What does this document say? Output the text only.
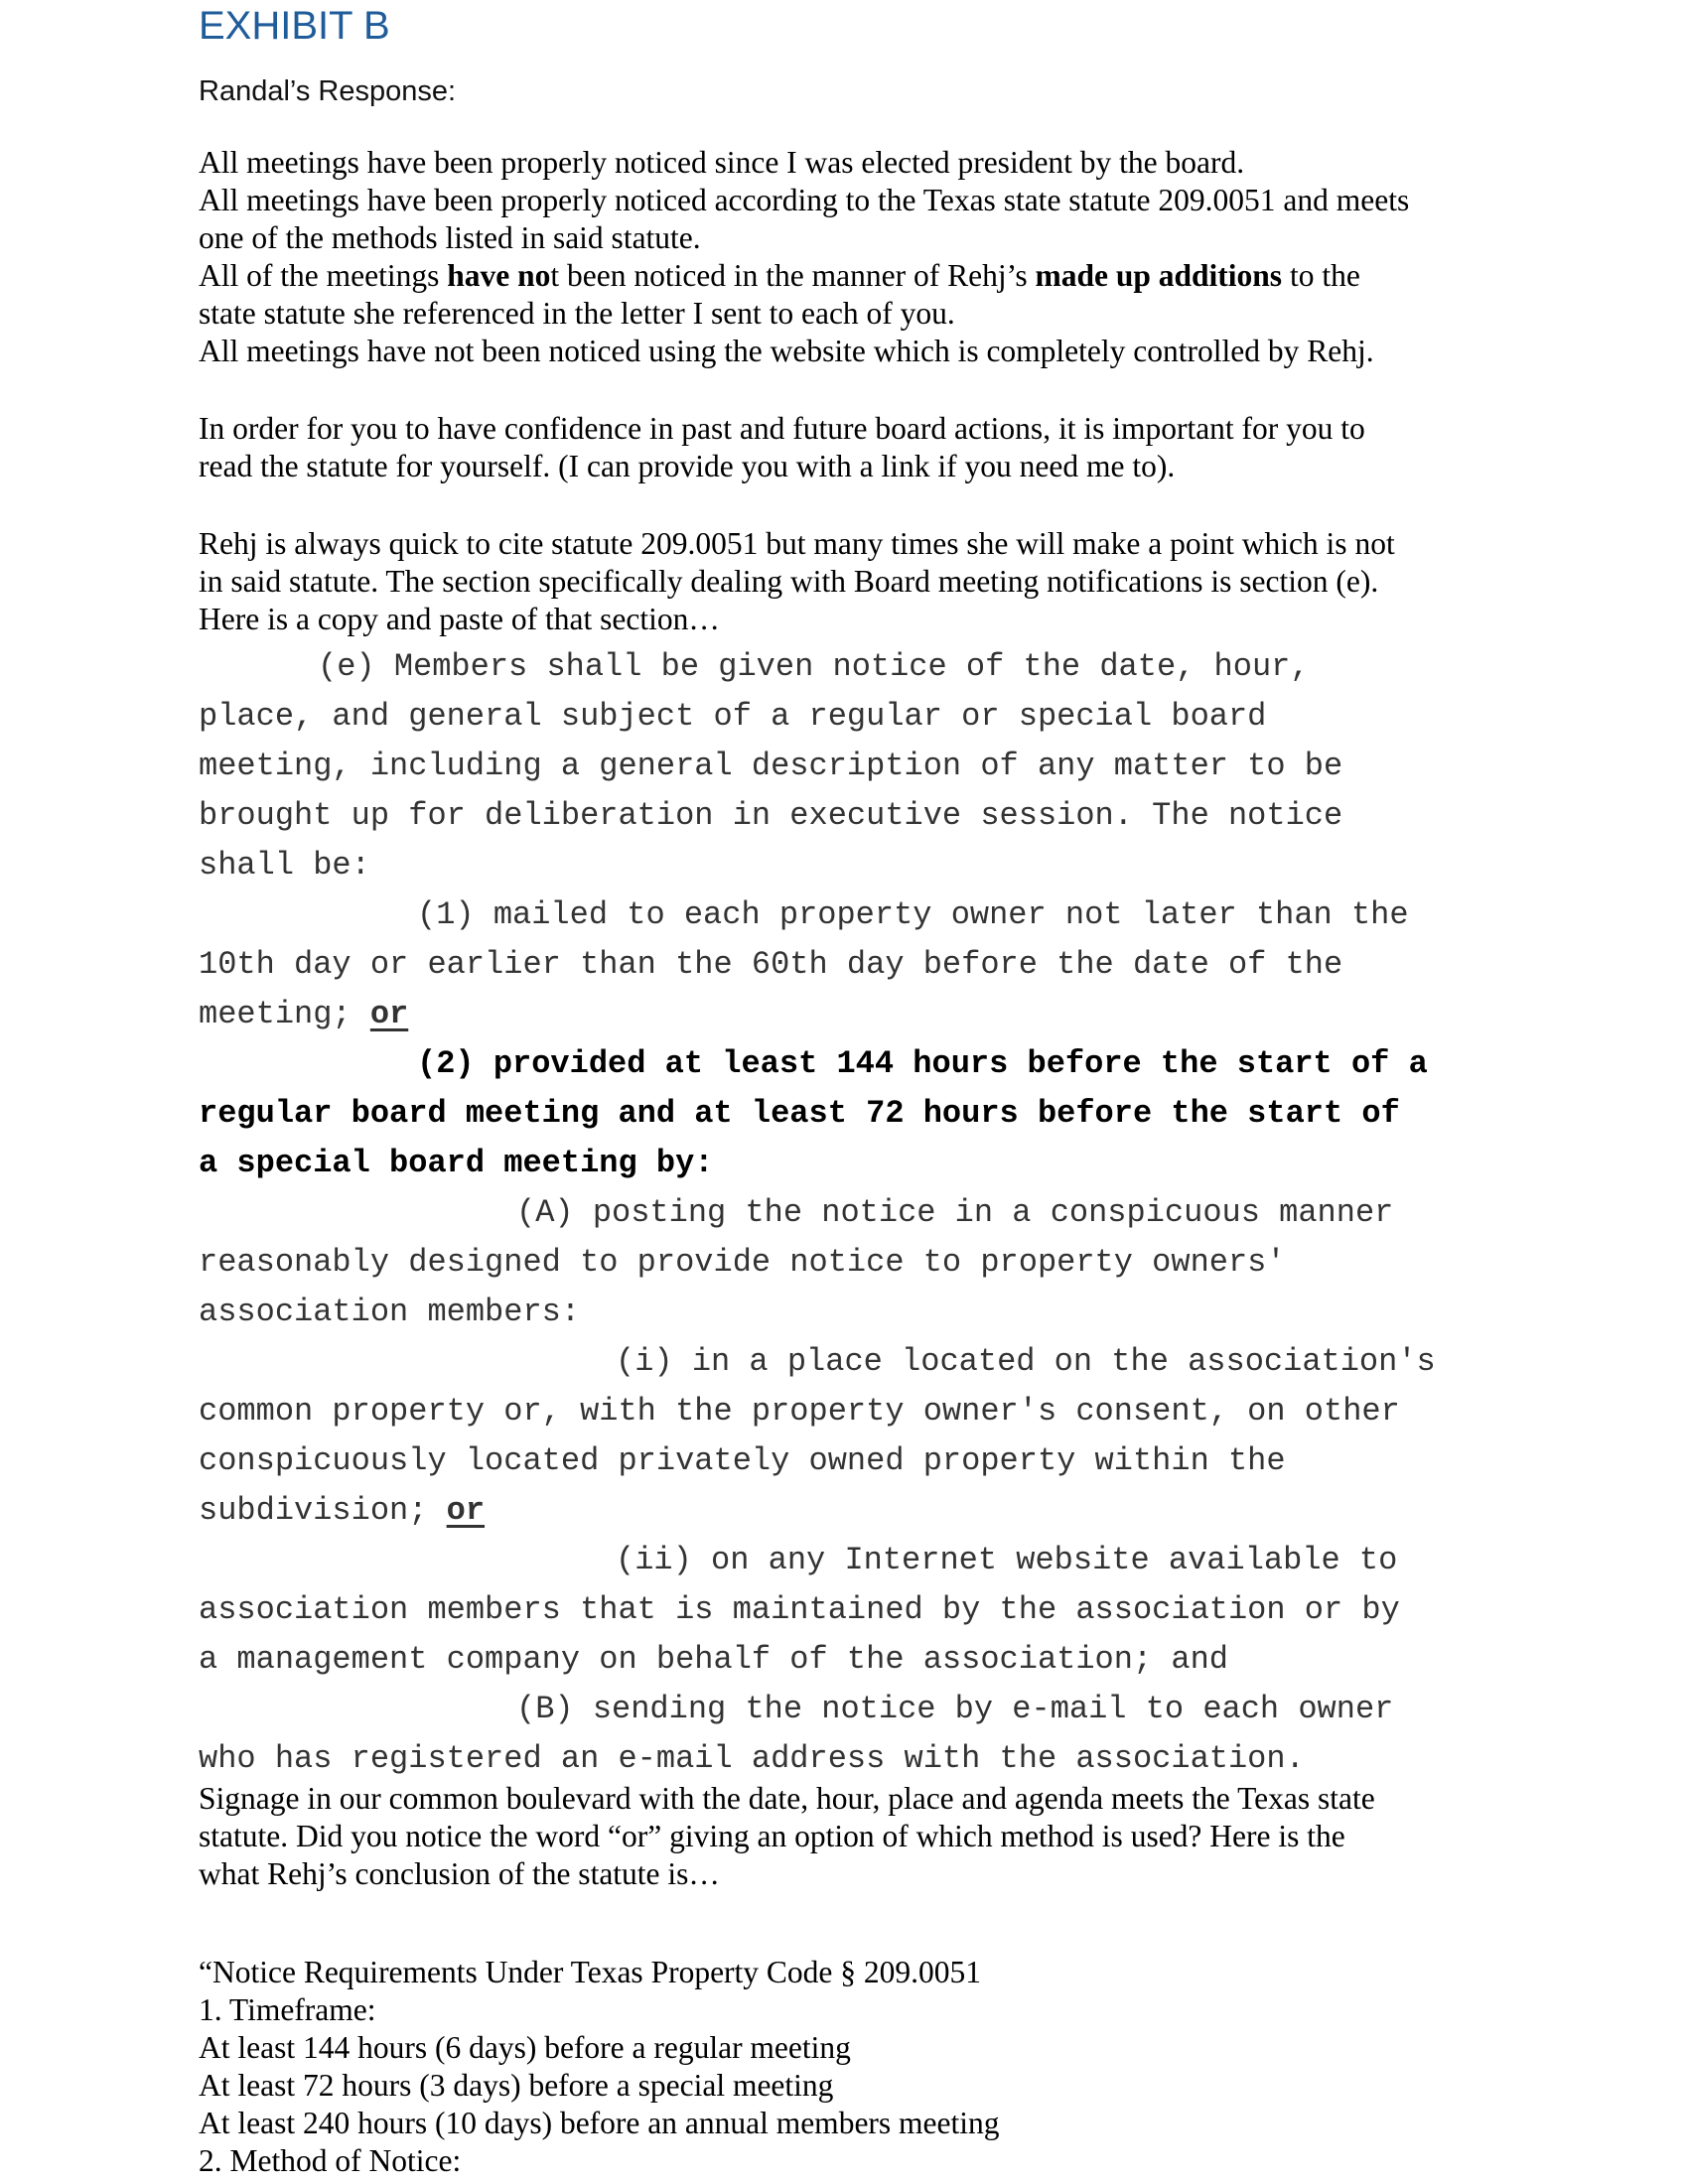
EXHIBIT B
Randal’s Response:
All meetings have been properly noticed since I was elected president by the board.
All meetings have been properly noticed according to the Texas state statute 209.0051 and meets
one of the methods listed in said statute.
All of the meetings have not been noticed in the manner of Rehj’s made up additions to the
state statute she referenced in the letter I sent to each of you.
All meetings have not been noticed using the website which is completely controlled by Rehj.
In order for you to have confidence in past and future board actions, it is important for you to
read the statute for yourself. (I can provide you with a link if you need me to).
Rehj is always quick to cite statute 209.0051 but many times she will make a point which is not
in said statute. The section specifically dealing with Board meeting notifications is section (e).
Here is a copy and paste of that section…
(e) Members shall be given notice of the date, hour,
place, and general subject of a regular or special board
meeting, including a general description of any matter to be
brought up for deliberation in executive session. The notice
shall be:
(1) mailed to each property owner not later than the
10th day or earlier than the 60th day before the date of the
meeting; or
(2) provided at least 144 hours before the start of a
regular board meeting and at least 72 hours before the start of
a special board meeting by:
(A) posting the notice in a conspicuous manner
reasonably designed to provide notice to property owners'
association members:
(i) in a place located on the association's
common property or, with the property owner's consent, on other
conspicuously located privately owned property within the
subdivision; or
(ii) on any Internet website available to
association members that is maintained by the association or by
a management company on behalf of the association; and
(B) sending the notice by e-mail to each owner
who has registered an e-mail address with the association.
Signage in our common boulevard with the date, hour, place and agenda meets the Texas state
statute. Did you notice the word “or” giving an option of which method is used? Here is the
what Rehj’s conclusion of the statute is…
“Notice Requirements Under Texas Property Code § 209.0051
1. Timeframe:
At least 144 hours (6 days) before a regular meeting
At least 72 hours (3 days) before a special meeting
At least 240 hours (10 days) before an annual members meeting
2. Method of Notice:
